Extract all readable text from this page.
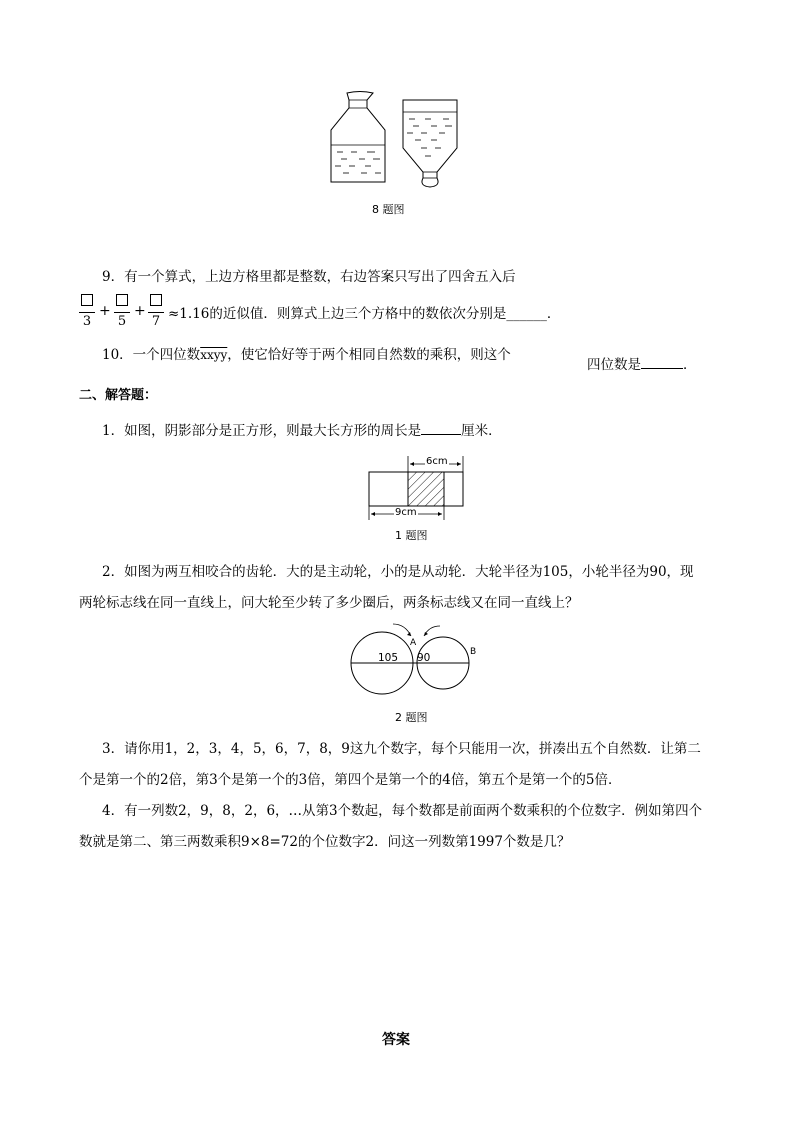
8 题图
9．有一个算式，上边方格里都是整数，右边答案只写出了四舍五入后
3
+
5
+
7 ≈1.16的近似值．则算式上边三个方格中的数依次分别是______．
10．一个四位数xxyy，使它恰好等于两个相同自然数的乘积，则这个
四位数是	．
二、解答题：
1．如图，阴影部分是正方形，则最大长方形的周长是	厘米．
6cm
9cm
1 题图
2．如图为两互相咬合的齿轮．大的是主动轮，小的是从动轮．大轮半径为105，小轮半径为90，现
两轮标志线在同一直线上，问大轮至少转了多少圈后，两条标志线又在同一直线上？
105 90
A
B
2 题图
3．请你用1，2，3，4，5，6，7，8，9这九个数字，每个只能用一次，拼凑出五个自然数．让第二
个是第一个的2倍，第3个是第一个的3倍，第四个是第一个的4倍，第五个是第一个的5倍．
4．有一列数2，9，8，2，6，…从第3个数起，每个数都是前面两个数乘积的个位数字．例如第四个
数就是第二、第三两数乘积9×8=72的个位数字2．问这一列数第1997个数是几？
答案
